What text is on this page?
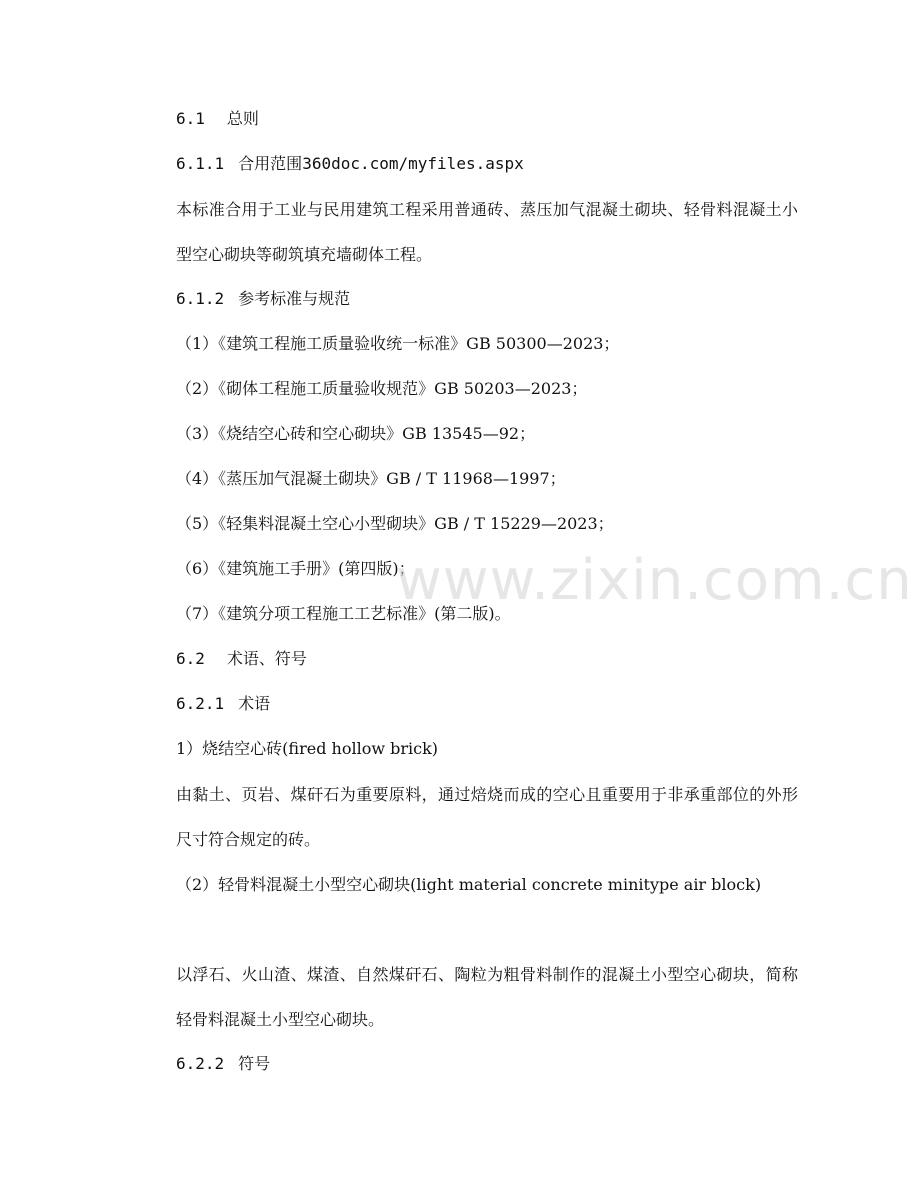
6.1 总则
6.1.1 合用范围360doc.com/myfiles.aspx

本标准合用于工业与民用建筑工程采用普通砖、蒸压加气混凝土砌块、轻骨料混凝土小型空心砌块等砌筑填充墙砌体工程。

6.1.2 参考标准与规范
（1）《建筑工程施工质量验收统一标准》GB 50300—2023；
（2）《砌体工程施工质量验收规范》GB 50203—2023；
（3）《烧结空心砖和空心砌块》GB 13545—92；
（4）《蒸压加气混凝土砌块》GB / T 11968—1997；
（5）《轻集料混凝土空心小型砌块》GB / T 15229—2023；
（6）《建筑施工手册》(第四版)；
（7）《建筑分项工程施工工艺标准》(第二版)。
6.2 术语、符号
6.2.1 术语
1）烧结空心砖(fired hollow brick)

由黏土、页岩、煤矸石为重要原料，通过焙烧而成的空心且重要用于非承重部位的外形尺寸符合规定的砖。

（2）轻骨料混凝土小型空心砌块(light material concrete minitype air block)

以浮石、火山渣、煤渣、自然煤矸石、陶粒为粗骨料制作的混凝土小型空心砌块，简称轻骨料混凝土小型空心砌块。

6.2.2 符号
www.zixin.com.cn
